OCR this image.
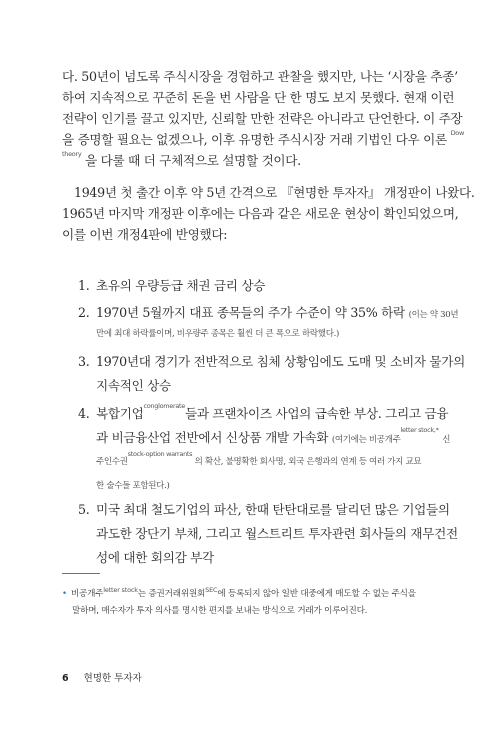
다. 50년이 넘도록 주식시장을 경험하고 관찰을 했지만, 나는 ‘시장을 추종’
하여 지속적으로 꾸준히 돈을 번 사람을 단 한 명도 보지 못했다. 현재 이런
전략이 인기를 끌고 있지만, 신뢰할 만한 전략은 아니라고 단언한다. 이 주장
을 증명할 필요는 없겠으나, 이후 유명한 주식시장 거래 기법인 다우 이론 $^{Dow}$
$^{theory}$ 을 다룰 때 더 구체적으로 설명할 것이다.
1949년 첫 출간 이후 약 5년 간격으로 『현명한 투자자』 개정판이 나왔다.
1965년 마지막 개정판 이후에는 다음과 같은 새로운 현상이 확인되었으며,
이를 이번 개정4판에 반영했다:
1. 초유의 우량등급 채권 금리 상승
2. 1970년 5월까지 대표 종목들의 주가 수준이 약 35% 하락 (이는 약 30년
만에 최대 하락률이며, 비우량주 종목은 훨씬 더 큰 폭으로 하락했다.)
3. 1970년대 경기가 전반적으로 침체 상황임에도 도매 및 소비자 물가의
지속적인 상승
4. 복합기업$^{conglomerate}$들과 프랜차이즈 사업의 급속한 부상. 그리고 금융
과 비금융산업 전반에서 신상품 개발 가속화 (여기에는 비공개주$^{letter stock,*}$ 신
주인수권$^{stock-option warrants}$ 의 확산, 불명확한 회사명, 외국 은행과의 연계 등 여러 가지 교묘
한 술수들 포함된다.)
5. 미국 최대 철도기업의 파산, 한때 탄탄대로를 달리던 많은 기업들의
과도한 장단기 부채, 그리고 월스트리트 투자관련 회사들의 재무건전
성에 대한 회의감 부각
• 비공개주$^{letter stock}$는 증권거래위원회$^{SEC}$에 등록되지 않아 일반 대중에게 매도할 수 없는 주식을
말하며, 매수자가 투자 의사를 명시한 편지를 보내는 방식으로 거래가 이루어진다.
6 현명한 투자자
